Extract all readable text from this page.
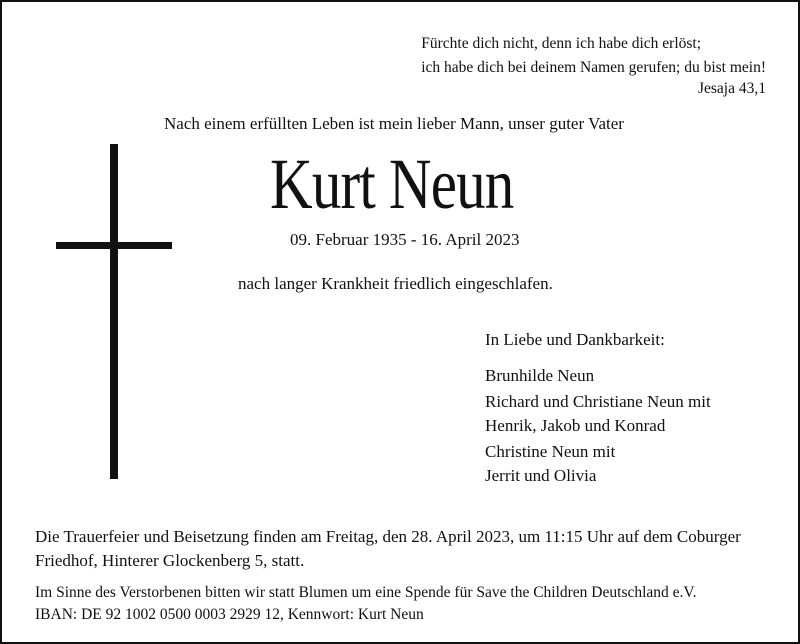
Fürchte dich nicht, denn ich habe dich erlöst;
ich habe dich bei deinem Namen gerufen; du bist mein!
Jesaja 43,1
Nach einem erfüllten Leben ist mein lieber Mann, unser guter Vater
Kurt Neun
09. Februar 1935 - 16. April 2023
nach langer Krankheit friedlich eingeschlafen.
In Liebe und Dankbarkeit:
Brunhilde Neun
Richard und Christiane Neun mit
Henrik, Jakob und Konrad
Christine Neun mit
Jerrit und Olivia
Die Trauerfeier und Beisetzung finden am Freitag, den 28. April 2023, um 11:15 Uhr auf dem Coburger
Friedhof, Hinterer Glockenberg 5, statt.
Im Sinne des Verstorbenen bitten wir statt Blumen um eine Spende für Save the Children Deutschland e.V.
IBAN: DE 92 1002 0500 0003 2929 12, Kennwort: Kurt Neun
